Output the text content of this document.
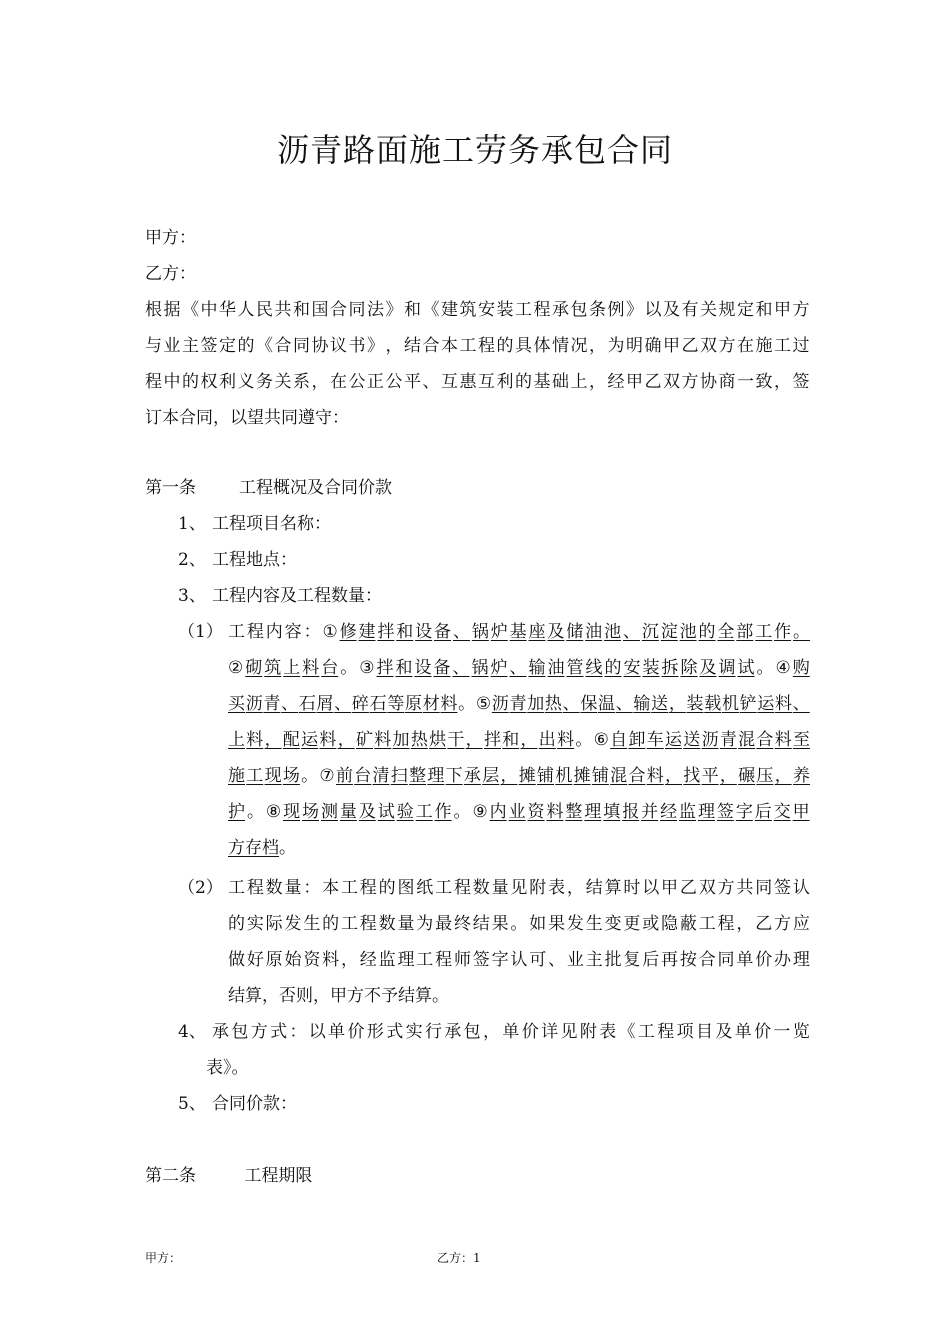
沥青路面施工劳务承包合同
甲方：
乙方：
根 据 《 中 华 人 民 共 和 国 合 同 法 》 和 《 建 筑 安 装 工 程 承 包 条 例 》 以 及 有 关 规 定 和 甲 方
与 业 主 签 定 的 《 合 同 协 议 书 》 ， 结 合 本 工 程 的 具 体 情 况 ， 为 明 确 甲 乙 双 方 在 施 工 过
程 中 的 权 利 义 务 关 系 ， 在 公 正 公 平 、 互 惠 互 利 的 基 础 上 ， 经 甲 乙 双 方 协 商 一 致 ， 签
订本合同，以望共同遵守：
第一条	工程概况及合同价款
1、 工程项目名称：
2、 工程地点：
3、 工程内容及工程数量：
（1） 工 程 内 容 ： ① 修 建 拌 和 设 备 、 锅 炉 基 座 及 储 油 池 、 沉 淀 池 的 全 部 工 作 。
② 砌 筑 上 料 台 。 ③ 拌 和 设 备 、 锅 炉 、 输 油 管 线 的 安 装 拆 除 及 调 试 。 ④ 购
买 沥 青 、 石 屑 、 碎 石 等 原 材 料 。 ⑤ 沥 青 加 热 、 保 温 、 输 送 ， 装 载 机 铲 运 料 、
上 料 ， 配 运 料 ， 矿 料 加 热 烘 干 ， 拌 和 ， 出 料 。 ⑥ 自 卸 车 运 送 沥 青 混 合 料 至
施 工 现 场 。 ⑦ 前 台 清 扫 整 理 下 承 层 ， 摊 铺 机 摊 铺 混 合 料 ， 找 平 ， 碾 压 ， 养
护 。 ⑧ 现 场 测 量 及 试 验 工 作 。 ⑨ 内 业 资 料 整 理 填 报 并 经 监 理 签 字 后 交 甲
方 存 档 。
（2） 工 程 数 量 ： 本 工 程 的 图 纸 工 程 数 量 见 附 表 ， 结 算 时 以 甲 乙 双 方 共 同 签 认
的 实 际 发 生 的 工 程 数 量 为 最 终 结 果 。 如 果 发 生 变 更 或 隐 蔽 工 程 ， 乙 方 应
做 好 原 始 资 料 ， 经 监 理 工 程 师 签 字 认 可 、 业 主 批 复 后 再 按 合 同 单 价 办 理
结算，否则，甲方不予结算。
4、 承 包 方 式 ： 以 单 价 形 式 实 行 承 包 ， 单 价 详 见 附 表 《 工 程 项 目 及 单 价 一 览
表》。
5、 合同价款：
第二条	工程期限
甲方：	乙方：1
